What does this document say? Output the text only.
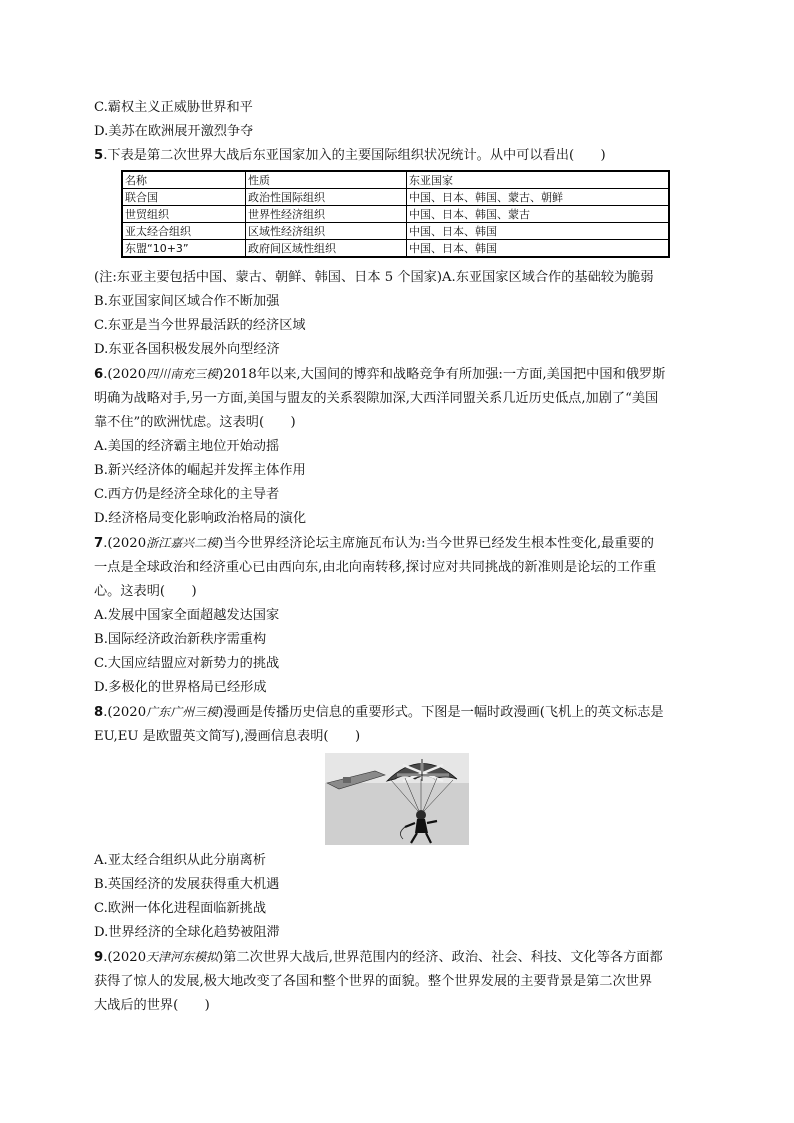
C.霸权主义正威胁世界和平
D.美苏在欧洲展开激烈争夺
5.下表是第二次世界大战后东亚国家加入的主要国际组织状况统计。从中可以看出(　　)
名称	性质	东亚国家
联合国	政治性国际组织	中国、日本、韩国、蒙古、朝鲜
世贸组织	世界性经济组织	中国、日本、韩国、蒙古
亚太经合组织	区域性经济组织	中国、日本、韩国
东盟“10+3”	政府间区域性组织	中国、日本、韩国
(注:东亚主要包括中国、蒙古、朝鲜、韩国、日本 5 个国家)A.东亚国家区域合作的基础较为脆弱
B.东亚国家间区域合作不断加强
C.东亚是当今世界最活跃的经济区域
D.东亚各国积极发展外向型经济
6.(2020四川南充三模)2018年以来,大国间的博弈和战略竞争有所加强:一方面,美国把中国和俄罗斯
明确为战略对手,另一方面,美国与盟友的关系裂隙加深,大西洋同盟关系几近历史低点,加剧了“美国
靠不住”的欧洲忧虑。这表明(　　)
A.美国的经济霸主地位开始动摇
B.新兴经济体的崛起并发挥主体作用
C.西方仍是经济全球化的主导者
D.经济格局变化影响政治格局的演化
7.(2020浙江嘉兴二模)当今世界经济论坛主席施瓦布认为:当今世界已经发生根本性变化,最重要的
一点是全球政治和经济重心已由西向东,由北向南转移,探讨应对共同挑战的新准则是论坛的工作重
心。这表明(　　)
A.发展中国家全面超越发达国家
B.国际经济政治新秩序需重构
C.大国应结盟应对新势力的挑战
D.多极化的世界格局已经形成
8.(2020广东广州三模)漫画是传播历史信息的重要形式。下图是一幅时政漫画(飞机上的英文标志是
EU,EU 是欧盟英文简写),漫画信息表明(　　)
A.亚太经合组织从此分崩离析
B.英国经济的发展获得重大机遇
C.欧洲一体化进程面临新挑战
D.世界经济的全球化趋势被阻滞
9.(2020天津河东模拟)第二次世界大战后,世界范围内的经济、政治、社会、科技、文化等各方面都
获得了惊人的发展,极大地改变了各国和整个世界的面貌。整个世界发展的主要背景是第二次世界
大战后的世界(　　)
